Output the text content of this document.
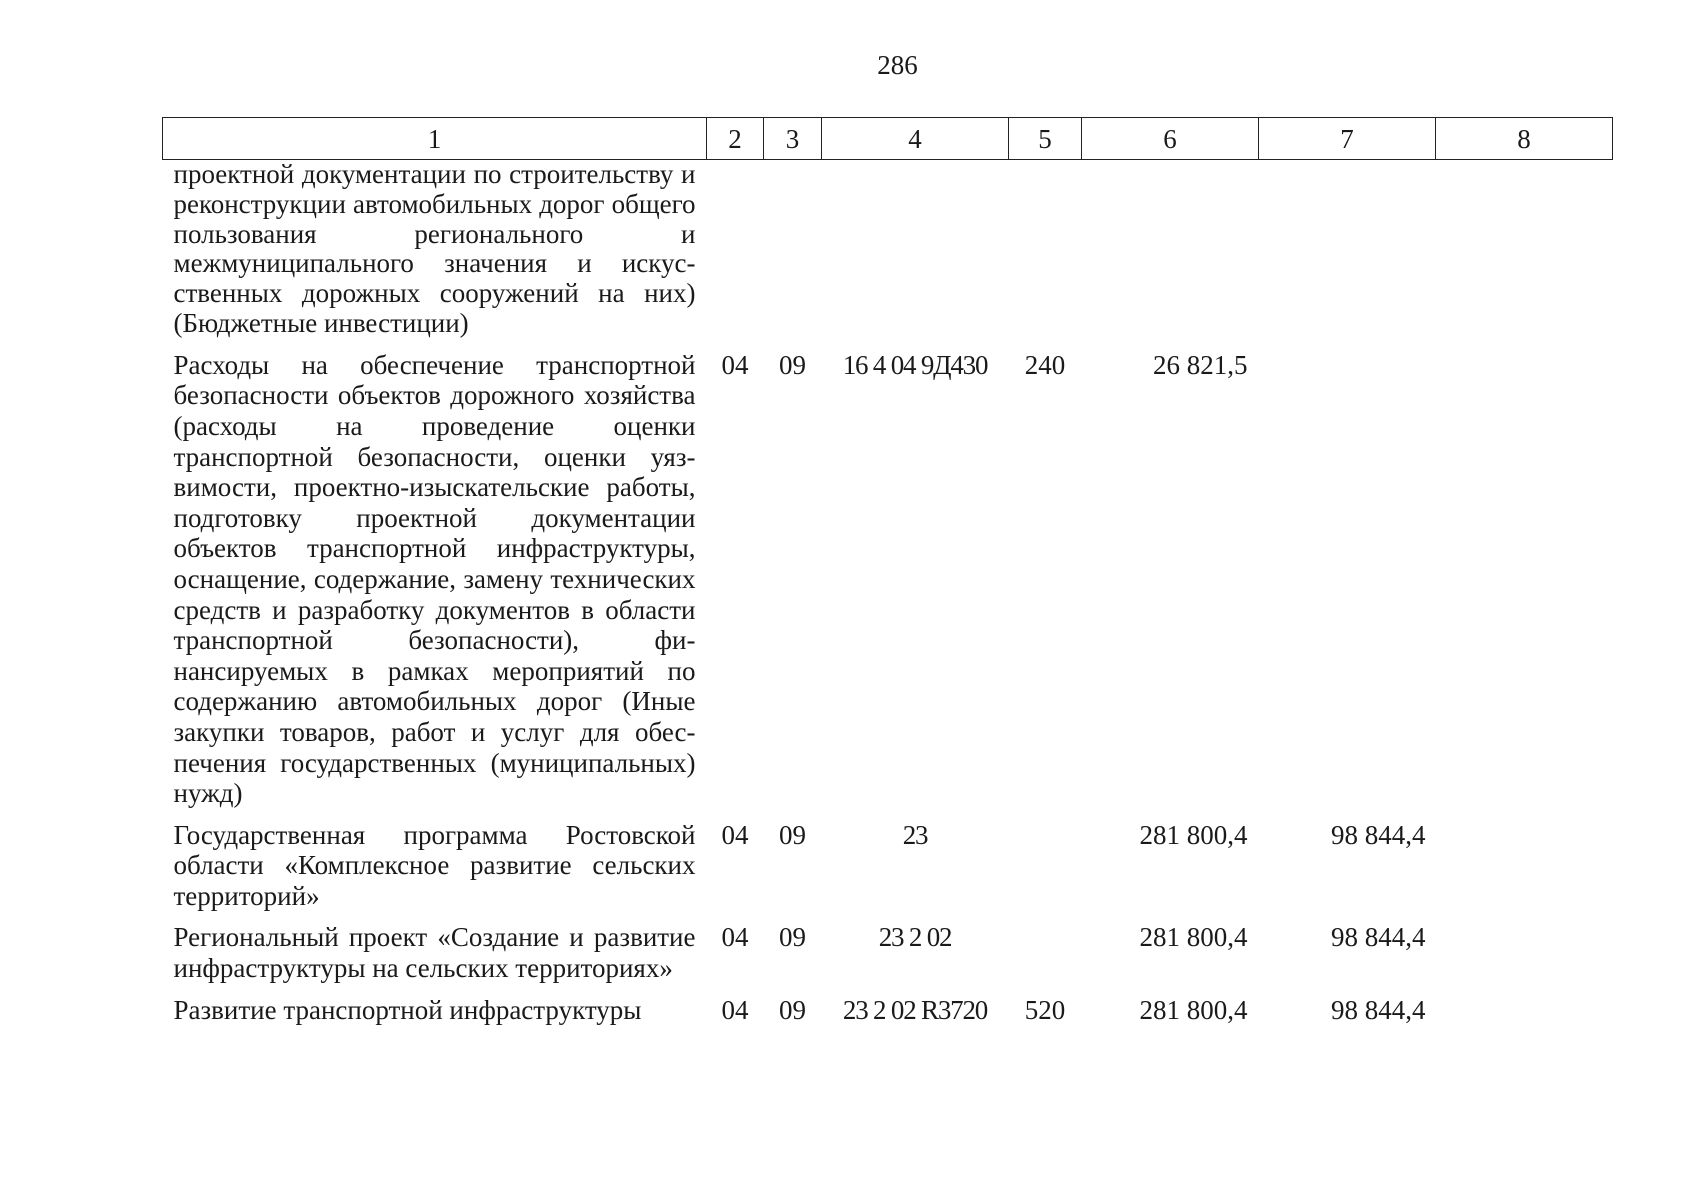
286
1	2	3	4	5	6	7	8
проектной документации по строительству и реконструкции автомобильных дорог общего пользования регионального и межмуниципального значения и искусственных дорожных сооружений на них) (Бюджетные инвестиции)							
Расходы на обеспечение транспортной безопасности объектов дорожного хозяйства (расходы на проведение оценки транспортной безопасности, оценки уязвимости, проектно-изыскательские работы, подготовку проектной документации объектов транспортной инфраструктуры, оснащение, содержание, замену технических средств и разработку документов в области транспортной безопасности), финансируемых в рамках мероприятий по содержанию автомобильных дорог (Иные закупки товаров, работ и услуг для обеспечения государственных (муниципальных) нужд)	04	09	16 4 04 9Д430	240	26 821,5		
Государственная программа Ростовской области «Комплексное развитие сельских территорий»	04	09	23		281 800,4	98 844,4	
Региональный проект «Создание и развитие инфраструктуры на сельских территориях»	04	09	23 2 02		281 800,4	98 844,4	
Развитие транспортной инфраструктуры	04	09	23 2 02 R3720	520	281 800,4	98 844,4	
